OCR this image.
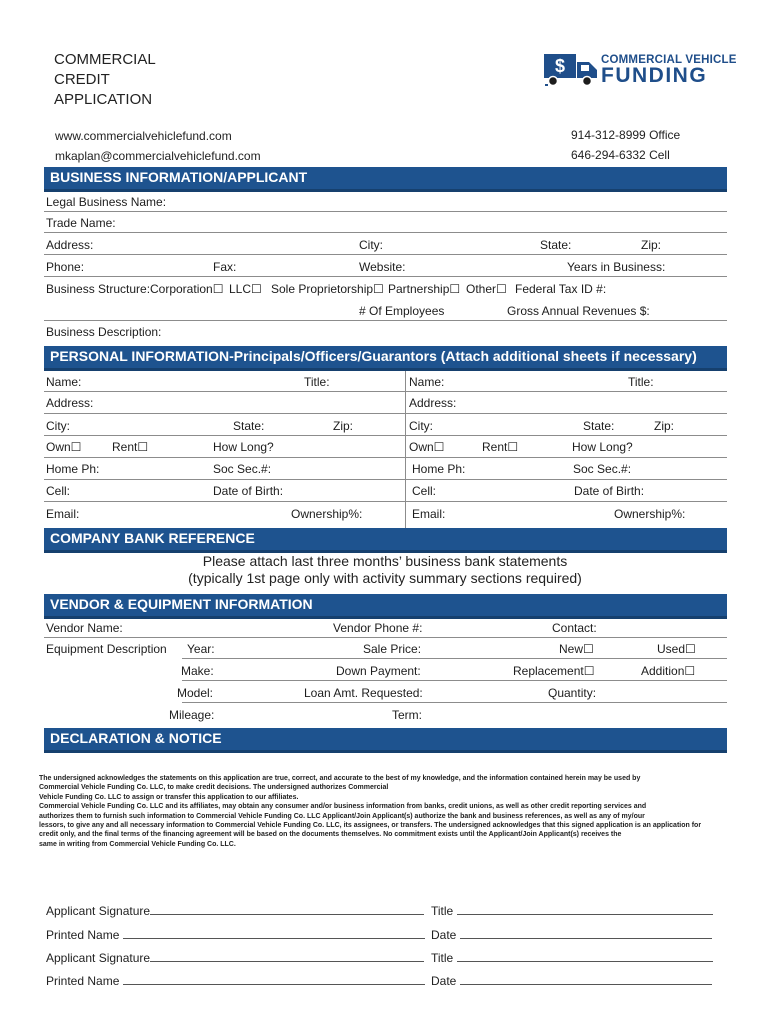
COMMERCIAL
CREDIT
APPLICATION
$	COMMERCIAL VEHICLE
FUNDING
www.commercialvehiclefund.com
mkaplan@commercialvehiclefund.com
914-312-8999 Office
646-294-6332 Cell
BUSINESS INFORMATION/APPLICANT
Legal Business Name:
Trade Name:
Address:	City:	State:	Zip:
Phone:	Fax:	Website:	Years in Business:
Business Structure: Corporation☐ LLC☐ Sole Proprietorship☐ Partnership☐ Other☐ Federal Tax ID #:
# Of Employees	Gross Annual Revenues $:
Business Description:
PERSONAL INFORMATION-Principals/Officers/Guarantors (Attach additional sheets if necessary)
Name:	Title:
Address:
City:	State:	Zip:
Own☐	Rent☐	How Long?
Home Ph:	Soc Sec.#:
Cell:	Date of Birth:
Email:	Ownership%:
Name:	Title:
Address:
City:	State:	Zip:
Own☐	Rent☐	How Long?
Home Ph:	Soc Sec.#:
Cell:	Date of Birth:
Email:	Ownership%:
COMPANY BANK REFERENCE
Please attach last three months’ business bank statements
(typically 1st page only with activity summary sections required)
VENDOR & EQUIPMENT INFORMATION
Vendor Name:	Vendor Phone #:	Contact:
Equipment Description Year:	Sale Price:	New☐	Used☐
Make:	Down Payment:	Replacement☐	Addition☐
Model:	Loan Amt. Requested:	Quantity:
Mileage:	Term:
DECLARATION & NOTICE
The undersigned acknowledges the statements on this application are true, correct, and accurate to the best of my knowledge, and the information contained herein may be used by
Commercial Vehicle Funding Co. LLC, to make credit decisions. The undersigned authorizes Commercial
Vehicle Funding Co. LLC to assign or transfer this application to our affiliates.
Commercial Vehicle Funding Co. LLC and its affiliates, may obtain any consumer and/or business information from banks, credit unions, as well as other credit reporting services and
authorizes them to furnish such information to Commercial Vehicle Funding Co. LLC Applicant/Join Applicant(s) authorize the bank and business references, as well as any of my/our
lessors, to give any and all necessary information to Commercial Vehicle Funding Co. LLC, its assignees, or transfers. The undersigned acknowledges that this signed application is an application for
credit only, and the final terms of the financing agreement will be based on the documents themselves. No commitment exists until the Applicant/Join Applicant(s) receives the
same in writing from Commercial Vehicle Funding Co. LLC.
Applicant Signature	Title
Printed Name	Date
Applicant Signature	Title
Printed Name	Date
